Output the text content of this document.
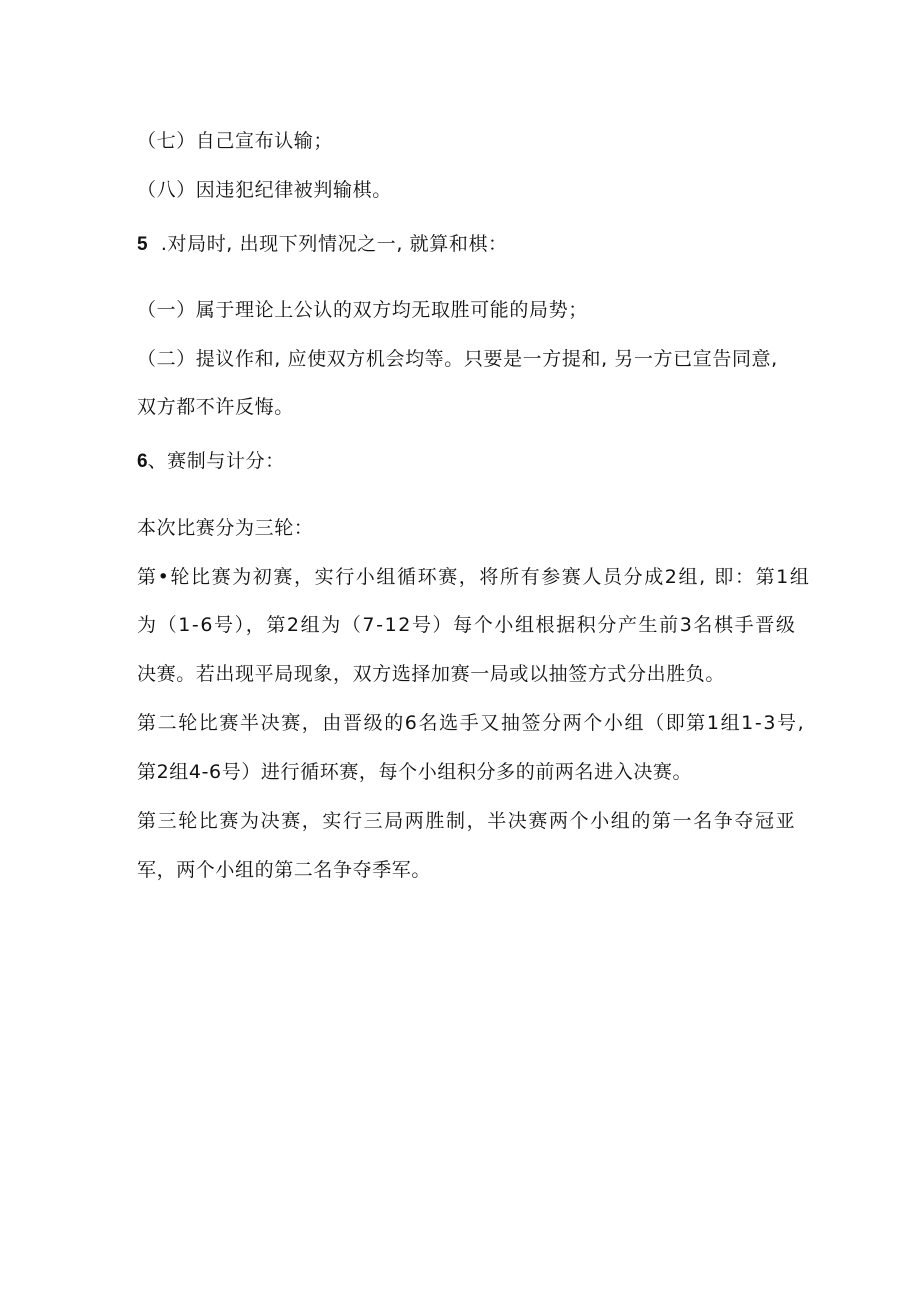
（七）自己宣布认输；
（八）因违犯纪律被判输棋。
5 .对局时, 出现下列情况之一, 就算和棋：
（一）属于理论上公认的双方均无取胜可能的局势；
（二）提议作和, 应使双方机会均等。只要是一方提和, 另一方已宣告同意,
双方都不许反悔。
6、赛制与计分：
本次比赛分为三轮：
第•轮比赛为初赛，实行小组循环赛，将所有参赛人员分成2组, 即：第1组
为（1-6号），第2组为（7-12号）每个小组根据积分产生前3名棋手晋级
决赛。若出现平局现象，双方选择加赛一局或以抽签方式分出胜负。
第二轮比赛半决赛，由晋级的6名选手又抽签分两个小组（即第1组1-3号,
第2组4-6号）进行循环赛，每个小组积分多的前两名进入决赛。
第三轮比赛为决赛，实行三局两胜制，半决赛两个小组的第一名争夺冠亚
军，两个小组的第二名争夺季军。
